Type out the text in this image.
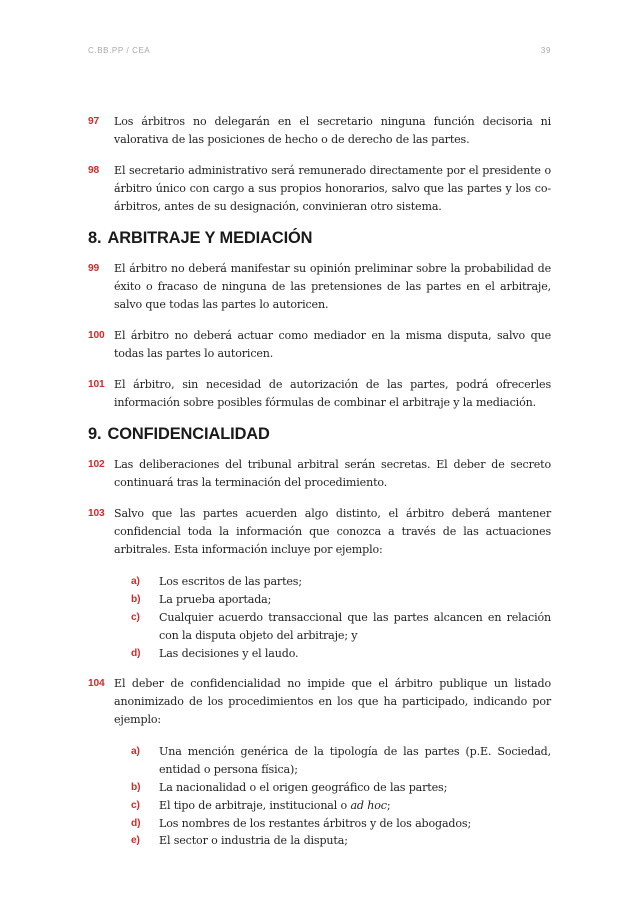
C.BB.PP / CEA	39
97 Los árbitros no delegarán en el secretario ninguna función decisoria ni valorativa de las posiciones de hecho o de derecho de las partes.
98 El secretario administrativo será remunerado directamente por el presidente o árbitro único con cargo a sus propios honorarios, salvo que las partes y los co-árbitros, antes de su designación, convinieran otro sistema.
8. ARBITRAJE Y MEDIACIÓN
99 El árbitro no deberá manifestar su opinión preliminar sobre la probabilidad de éxito o fracaso de ninguna de las pretensiones de las partes en el arbitraje, salvo que todas las partes lo autoricen.
100 El árbitro no deberá actuar como mediador en la misma disputa, salvo que todas las partes lo autoricen.
101 El árbitro, sin necesidad de autorización de las partes, podrá ofrecerles información sobre posibles fórmulas de combinar el arbitraje y la mediación.
9. CONFIDENCIALIDAD
102 Las deliberaciones del tribunal arbitral serán secretas. El deber de secreto continuará tras la terminación del procedimiento.
103 Salvo que las partes acuerden algo distinto, el árbitro deberá mantener confidencial toda la información que conozca a través de las actuaciones arbitrales. Esta información incluye por ejemplo:
a) Los escritos de las partes;
b) La prueba aportada;
c) Cualquier acuerdo transaccional que las partes alcancen en relación con la disputa objeto del arbitraje; y
d) Las decisiones y el laudo.
104 El deber de confidencialidad no impide que el árbitro publique un listado anonimizado de los procedimientos en los que ha participado, indicando por ejemplo:
a) Una mención genérica de la tipología de las partes (p.E. Sociedad, entidad o persona física);
b) La nacionalidad o el origen geográfico de las partes;
c) El tipo de arbitraje, institucional o ad hoc;
d) Los nombres de los restantes árbitros y de los abogados;
e) El sector o industria de la disputa;
